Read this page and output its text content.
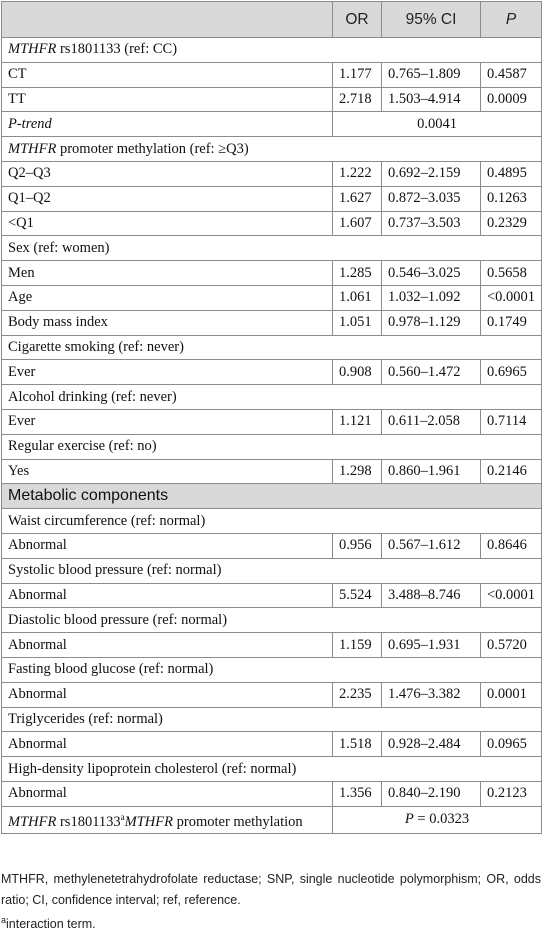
	OR	95% CI	P
MTHFR rs1801133 (ref: CC)			
CT	1.177	0.765–1.809	0.4587
TT	2.718	1.503–4.914	0.0009
P-trend	0.0041		
MTHFR promoter methylation (ref: ≥Q3)			
Q2–Q3	1.222	0.692–2.159	0.4895
Q1–Q2	1.627	0.872–3.035	0.1263
<Q1	1.607	0.737–3.503	0.2329
Sex (ref: women)			
Men	1.285	0.546–3.025	0.5658
Age	1.061	1.032–1.092	<0.0001
Body mass index	1.051	0.978–1.129	0.1749
Cigarette smoking (ref: never)			
Ever	0.908	0.560–1.472	0.6965
Alcohol drinking (ref: never)			
Ever	1.121	0.611–2.058	0.7114
Regular exercise (ref: no)			
Yes	1.298	0.860–1.961	0.2146
Metabolic components			
Waist circumference (ref: normal)			
Abnormal	0.956	0.567–1.612	0.8646
Systolic blood pressure (ref: normal)			
Abnormal	5.524	3.488–8.746	<0.0001
Diastolic blood pressure (ref: normal)			
Abnormal	1.159	0.695–1.931	0.5720
Fasting blood glucose (ref: normal)			
Abnormal	2.235	1.476–3.382	0.0001
Triglycerides (ref: normal)			
Abnormal	1.518	0.928–2.484	0.0965
High-density lipoprotein cholesterol (ref: normal)			
Abnormal	1.356	0.840–2.190	0.2123
MTHFR rs1801133$^a$MTHFR promoter methylation	P = 0.0323		

MTHFR, methylenetetrahydrofolate reductase; SNP, single nucleotide polymorphism; OR, odds ratio; CI, confidence interval; ref, reference.

$^a$interaction term.
